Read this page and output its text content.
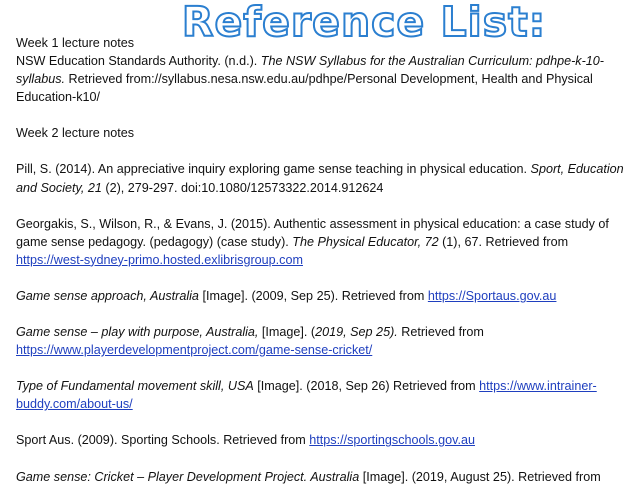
Reference List:

Week 1 lecture notes

NSW Education Standards Authority. (n.d.). The NSW Syllabus for the Australian Curriculum: pdhpe-k-10-syllabus. Retrieved from://syllabus.nesa.nsw.edu.au/pdhpe/Personal Development, Health and Physical Education-k10/

Week 2 lecture notes

Pill, S. (2014). An appreciative inquiry exploring game sense teaching in physical education. Sport, Education and Society, 21 (2), 279-297. doi:10.1080/12573322.2014.912624

Georgakis, S., Wilson, R., & Evans, J. (2015). Authentic assessment in physical education: a case study of game sense pedagogy. (pedagogy) (case study). The Physical Educator, 72 (1), 67. Retrieved from https://west-sydney-primo.hosted.exlibrisgroup.com

Game sense approach, Australia [Image]. (2009, Sep 25). Retrieved from https://Sportaus.gov.au

Game sense – play with purpose, Australia, [Image]. (2019, Sep 25). Retrieved from
https://www.playerdevelopmentproject.com/game-sense-cricket/

Type of Fundamental movement skill, USA [Image]. (2018, Sep 26) Retrieved from https://www.intrainer-buddy.com/about-us/

Sport Aus. (2009). Sporting Schools. Retrieved from https://sportingschools.gov.au

Game sense: Cricket – Player Development Project. Australia [Image]. (2019, August 25). Retrieved from
